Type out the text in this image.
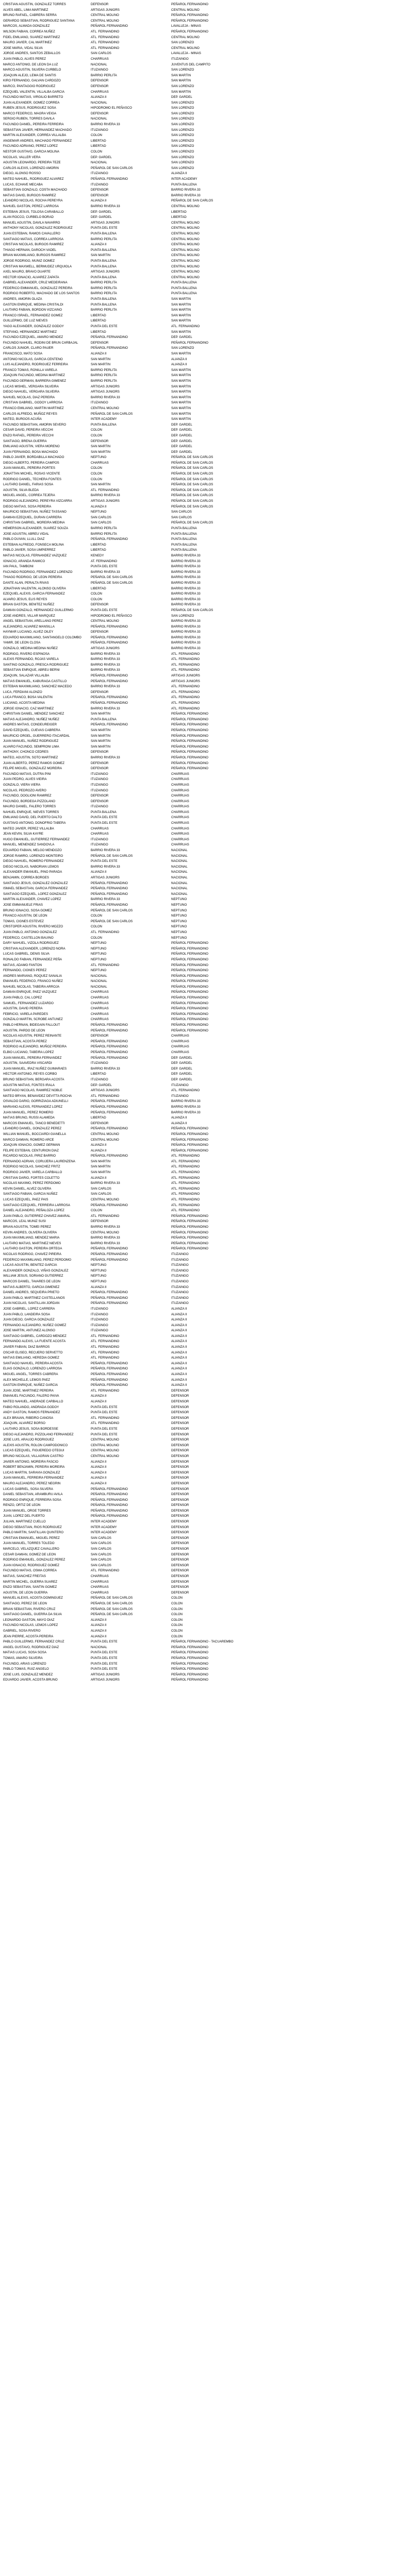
CRISTIAN AGUSTIN, GONZALEZ TORRES	DEFENSOR	PEÑAROL FERNANDINO
ALVES ABEL, LIMA MARTINEZ	ARTIGAS JUNIORS	CENTRAL MOLINO
BRUNO RAFAEL, CABRERA SERRA	CENTRAL MOLINO	PEÑAROL FERNANDINO
GERARDO SEBASTIAN, RODRIGUEZ SANTANA	CENTRAL MOLINO	PEÑAROL FERNANDINO
MARCOS, ALMADA GONZALEZ	PEÑAROL FERNANDINO	LAVALLEJA - MINAS
WILSON FABIAN, CORREA NUÑEZ	ATL. FERNANDINO	PEÑAROL FERNANDINO
FIDEL EMILIANO, SUAREZ MARTINEZ	ATL. FERNANDINO	CENTRAL MOLINO
MAURO JAVIER, CAL MARTINEZ	ATL. FERNANDINO	SAN LORENZO
JOSE MARIA, VIDAL SILVA	ATL. FERNANDINO	CENTRAL MOLINO
JORGE ANDRES, SANTOS ZEBALLOS	SAN CARLOS	LAVALLEJA - MINAS
JUAN PABLO, ALVES PEREZ	CHARRUAS	ITUZAINGO
MARCO ANTONIO, DE LEON DA LUZ	NACIONAL	JUVENTUS DEL CAMPITO
MARCO AGUSTIN, SILVERA CURBELO	ITUZAINGO	SAN LORENZO
JOAQUIN ALEJO, LEMA DE SANTIS	BARRIO PERLITA	SAN MARTIN
KIRO FERNANDO, GALVAN CARDOZO	DEFENSOR	SAN MARTIN
MARCO, PANTAGGIO RODRIGUEZ	DEFENSOR	SAN LORENZO
EZEQUIEL VALENTIN, VILLALBA GARCIA	CHARRUAS	SAN MARTIN
FACUNDO MATIAS, VIRGILIO BARRETO	ALIANZA II	DEP. GARDEL
JUAN ALEXANDER, GOMEZ CORREA	NACIONAL	SAN LORENZO
RUBEN JESUS, RODRIGUEZ SOSA	HIPODROMO EL PEÑASCO	SAN LORENZO
MARCO FEDERICO, MAGRA VEIGA	DEFENSOR	SAN LORENZO
SERGIO RUBEN, TORRES DAVILA	NACIONAL	SAN LORENZO
FACUNDO DANIEL, PEREIRA FERREIRA	BARRIO RIVERA 33	SAN LORENZO
SEBASTIAN JAVIER, HERNANDEZ MACHADO	ITUZAINGO	SAN LORENZO
MARTIN ALEXANDER, CORREA VILLALBA	COLON	SAN LORENZO
ANGEMAR ANDRES, MACHADO FERNANDEZ	LIBERTAD	SAN LORENZO
FACUNDO ADRIANO, PEREZ LOPEZ	LIBERTAD	SAN LORENZO
NESTOR GUSTAVO, GARCIA MOLINA	COLON	SAN LORENZO
NICOLAS, VALLER VERA	DEP. GARDEL	SAN LORENZO
AGUSTIN LEONARDO, PEREIRA TEZE	NACIONAL	SAN LORENZO
CARLOS ALEXIS, LORENZO AMORIN	PEÑAROL DE SAN CARLOS	SAN LORENZO
DIEGO, ALONSO ROSSO	ITUZAINGO	ALIANZA II
MATEO NAHUEL, RODRIGUEZ ALVAREZ	PEÑAROL FERNANDINO	INTER ACADEMY
LUCAS, ECHAVE MECABA	ITUZAINGO	PUNTA BALLENA
SEBASTIAN GONZALO, COSTA MACHADO	DEFENSOR	BARRIO RIVERA 33
MATIAS DAVID, BURGOS RAMIREZ	DEFENSOR	BARRIO RIVERA 33
LEANDRO NICOLAS, ROCHA PEREYRA	ALIANZA II	PEÑAROL DE SAN CARLOS
NAHUEL GASTON, PEREZ LARROSA	BARRIO RIVERA 33	CENTRAL MOLINO
ESTEBAN JESUS, TOLOSA CARABALLO	DEP. GARDEL	LIBERTAD
ALAN ROCCO, CURBELO BORAD	DEP. GARDEL	LIBERTAD
MANUEL AGUSTIN, DAVILA NAVARRO	ARTIGAS JUNIORS	CENTRAL MOLINO
ANTHONY NICOLAS, GONZALEZ RODRIGUEZ	PUNTA DEL ESTE	CENTRAL MOLINO
JUAN ESTEBAN, RAMOS CAVALLERO	PUNTA BALLENA	CENTRAL MOLINO
SANTIAGO MATIAS, CORREA LARROSA	BARRIO PERLITA	CENTRAL MOLINO
CRISTIAN NICOLAS, BURGOS RAMIREZ	ALIANZA II	CENTRAL MOLINO
THIAGO HERNAN, DAROCH VADEL	PUNTA BALLENA	CENTRAL MOLINO
BRIAN MAXIMILIANO, BURGOS RAMIREZ	SAN MARTIN	CENTRAL MOLINO
JORGE RODRIGO, MUNIZ GOMEZ	PUNTA BALLENA	CENTRAL MOLINO
CRISTIAN MAXWELL, BERMUDEZ URQUIOLA	PUNTA BALLENA	CENTRAL MOLINO
AXEL MAURO, BRAVO DUARTE	ARTIGAS JUNIORS	CENTRAL MOLINO
HECTOR IGNACIO, ALVAREZ ZAPATA	PUNTA BALLENA	CENTRAL MOLINO
GABRIEL ALEXANDER, CRUZ MEDEIRANA	BARRIO PERLITA	PUNTA BALLENA
FEDERICO EMMANUEL, GONZALEZ PEREIRA	BARRIO PERLITA	PUNTA BALLENA
RODRIGO ROBERTO, MACHADO DE LOS SANTOS	BARRIO PERLITA	PUNTA BALLENA
ANDRES, AMORIN OLAZA	PUNTA BALLENA	SAN MARTIN
GASTON ENRIQUE, MEDINA CRISTALDI	PUNTA BALLENA	SAN MARTIN
LAUTARO FABIAN, BORDON VIZCAINO	BARRIO PERLITA	SAN MARTIN
FRANCO ISRAEL, FERNANDEZ GOMEZ	LIBERTAD	SAN MARTIN
GUILLERMO, DE LUZ NIEVES	LIBERTAD	SAN MARTIN
YAGO ALEXANDER, GONZALEZ GODOY	PUNTA DEL ESTE	ATL. FERNANDINO
STEFANO, HERNANDEZ MARTINEZ	LIBERTAD	SAN MARTIN
FACUNDO EZEQUIEL, AMARO MENDEZ	PEÑAROL FERNANDINO	DEP. GARDEL
FACUNDO NAHUEL, RODINI DE BRUN CARBAJAL	DEFENSOR	PEÑAROL FERNANDINO
CARLOS JUNIOR, CLARO PAUER	PEÑAROL FERNANDINO	SAN LORENZO
FRANCISCO, MATO SOSA	ALIANZA II	SAN MARTIN
ANTONIO NICOLAS, GARCIA CENTENO	SAN MARTIN	ALIANZA II
LUIS ALEJANDRO, RODRIGUEZ FERREIRA	SAN MARTIN	ALIANZA II
FRANCO TOMAS, RONILLA VARELA	BARRIO PERLITA	SAN MARTIN
JOAQUIN FACUNDO, MEDINA MARTINEZ	BARRIO PERLITA	SAN MARTIN
FACUNDO GERMAN, BARRERA GIMENEZ	BARRIO PERLITA	SAN MARTIN
LUCAS MISHEL, VERGARA SILVEIRA	ARTIGAS JUNIORS	SAN MARTIN
DIEGO NAHUEL, VERGARA SILVEIRA	ARTIGAS JUNIORS	SAN MARTIN
NAHUEL NICOLAS, DIAZ PEREIRA	BARRIO RIVERA 33	SAN MARTIN
CRISTIAN GABRIEL, GODOY LARROSA	ITUZAINGO	SAN MARTIN
FRANCO EMILIANO, MARTIN MARTINEZ	CENTRAL MOLINO	SAN MARTIN
CARLOS ALFREDO, MUÑOZ REYES	PEÑAROL DE SAN CARLOS	SAN MARTIN
MATEO, BURGOS ACUÑA	INTER ACADEMY	SAN MARTIN
FACUNDO SEBASTIAN, AMORIN SEVERO	PUNTA BALLENA	DEP. GARDEL
CESAR DAVID, PEREIRA VECCHI	COLON	DEP. GARDEL
ENZO RAFAEL, PEREIRA VECCHI	COLON	DEP. GARDEL
SANTIAGO, BRENA GUERRA	DEFENSOR	DEP. GARDEL
EMILIANO AGUSTIN, VIERA MORENO	SAN MARTIN	DEP. GARDEL
JUAN FERNANDO, BOSA MACHADO	SAN MARTIN	DEP. GARDEL
PABLO JAVIER, BORDABILLA MACHADO	NEPTUNO	PEÑAROL DE SAN CARLOS
DIEGO ALBERTO, PEREIRA CAMPOS	CHARRUAS	PEÑAROL DE SAN CARLOS
JUAN MANUEL, PEREIRA PORTES	COLON	PEÑAROL DE SAN CARLOS
JONATTAN MICHEL, ROSAS VICENTE	COLON	PEÑAROL DE SAN CARLOS
RODRIGO DANIEL, TECHERA FONTES	COLON	PEÑAROL DE SAN CARLOS
LAUTARO DANIEL, FARIAS SOSA	SAN MARTIN	PEÑAROL DE SAN CARLOS
AGUSTIN, SILVA BLEDA	ATL. FERNANDINO	PEÑAROL DE SAN CARLOS
MIGUEL ANGEL, CORREA TEJERA	BARRIO RIVERA 33	PEÑAROL DE SAN CARLOS
RODRIGO ALEJANDRO, PEREYRA VIZCARRA	ARTIGAS JUNIORS	PEÑAROL DE SAN CARLOS
DIEGO MATIAS, SOSA PEREIRA	ALIANZA II	PEÑAROL DE SAN CARLOS
MAURICIO SEBASTIAN, NUÑEZ TASSANO	NEPTUNO	SAN CARLOS
DAMIAN EZEQUIEL, DURAN CARRERA	SAN CARLOS	SAN CARLOS
CHRISTIAN GABRIEL, MOREIRA MEDINA	SAN CARLOS	PEÑAROL DE SAN CARLOS
HEMERSON ALEXANDER, SUAREZ SOUZA	BARRIO PERLITA	PUNTA BALLENA
JOSE AGUSTIN, ABREU VIDAL	BARRIO PERLITA	PUNTA BALLENA
PABLO DUVAN, LLULL DIAZ	PEÑAROL FERNANDINO	PUNTA BALLENA
ESTEBAN ALFREDO, FONSECA MOLINA	LIBERTAD	PUNTA BALLENA
PABLO JAVIER, SOSA UMPIERREZ	LIBERTAD	PUNTA BALLENA
MATIAS NICOLAS, FERNANDEZ VAZQUEZ	KENEDY	BARRIO RIVERA 33
IGNACIO, ARANDA RAMICO	AT. FERNANDINO	BARRIO RIVERA 33
IAN PAUL, TAMBONI	PUNTA DEL ESTE	BARRIO RIVERA 33
FACUNDO RODRIGO, FERNANDEZ LORENZO	BARRIO RIVERA 33	BARRIO RIVERA 33
THIAGO RODRIGO, DE LEON PEREIRA	PEÑAROL DE SAN CARLOS	BARRIO RIVERA 33
DANTE ALAN, PERALTA RIVAS	PEÑAROL DE SAN CARLOS	BARRIO RIVERA 33
JONATHAN VALENTIN, ALONSO OLIVERA	LIBERTAD	BARRIO RIVERA 33
EZEQUIEL ALEXIS, GARCIA FERNANDEZ	COLON	BARRIO RIVERA 33
ALVARO JESUS, ELIS REYES	COLON	BARRIO RIVERA 33
BRIAN GASTON, BENITEZ NUÑEZ	DEFENSOR	BARRIO RIVERA 33
DAMIAN GONZALO, HERNANDEZ GUILLERMO	PUNTA DEL ESTE	PEÑAROL DE SAN CARLOS
JOSE ANDRES, VILLAR MARQUEZ	HIPODROMO EL PEÑASCO	SAN LORENZO
ANGEL SEBASTIAN, ARELLANO PEREZ	CENTRAL MOLINO	BARRIO RIVERA 33
ALEJANDRO, ALVAREZ MANSILLA	PEÑAROL FERNANDINO	BARRIO RIVERA 33
HAYMAR LUCIANO, ALVEZ OILEY	DEFENSOR	BARRIO RIVERA 33
EDUARDO MAXIMILIANO, SANTANGELO COLOMBO	PEÑAROL FERNANDINO	BARRIO RIVERA 33
YAMIR, DE LEON CLOSA	PEÑAROL FERNANDINO	BARRIO RIVERA 33
GONZALO, MEDINA MEDINA NUÑEZ	ARTIGAS JUNIORS	BARRIO RIVERA 33
RODRIGO, RIVERO ESPINOSA	BARRIO RIVERA 33	ATL. FERNANDINO
ALEXIS FERNANDO, ROJAS VARELA	BARRIO RIVERA 33	ATL. FERNANDINO
SANTINO GONZALO, PRESCA RODRIGUEZ	BARRIO RIVERA 33	ATL. FERNANDINO
SEBASTIAN ENRIQUE, ABREU BERNI	BARRIO RIVERA 33	ATL. FERNANDINO
JOAQUIN, SALAZAR VILLALBA	PEÑAROL FERNANDINO	ARTIGAS JUNIORS
MATIAS EMANUEL, KABURAGA CASTILLO	PEÑAROL FERNANDINO	ARTIGAS JUNIORS
ESTEBAN MAXIMILIANO, SANCHEZ MACEDO	BARRIO RIVERA 33	ATL. FERNANDINO
LUCA, FERDIANI ALONZO	DEFENSOR	ATL. FERNANDINO
LUCA FRANCO, BOSA VALENTIN	PEÑAROL FERNANDINO	ATL. FERNANDINO
LUCIANO, ACOSTA MEDINA	PEÑAROL FERNANDINO	ATL. FERNANDINO
JORGE IGNACIO, CAZ MARTINEZ	BARRIO RIVERA 33	ATL. FERNANDINO
CHRISTIAN DANIEL, MENDEZ SANCHEZ	SAN MARTIN	PEÑAROL FERNANDINO
MATIAS ALEJANDRO, NUÑEZ NUÑEZ	PUNTA BALLENA	PEÑAROL FERNANDINO
ANDRES MATIAS, CONDEUREIGER	PEÑAROL FERNANDINO	PEÑAROL FERNANDINO
DAVID EZEQUIEL, CUEVAS CABRERA	SAN MARTIN	PEÑAROL FERNANDINO
MAURICIO ORGEL, GUERRERO ITACARDAL	SAN MARTIN	PEÑAROL FERNANDINO
JUAN MANUEL, NUÑEZ RODRIGUEZ	SAN MARTIN	PEÑAROL FERNANDINO
ALVARO FACUNDO, SEMPRONI LIMA	SAN MARTIN	PEÑAROL FERNANDINO
ANTHONY, CHONCO CEDRES	DEFENSOR	PEÑAROL FERNANDINO
MATEO, AGUSTIN, SOTO MARTINEZ	BARRIO RIVERA 33	PEÑAROL FERNANDINO
JUAN ALBERTO, PEREZ RAMOS GOMEZ	DEFENSOR	PEÑAROL FERNANDINO
FELIPE MIGUEL, GONZALEZ MOREIRA	DEFENSOR	PEÑAROL FERNANDINO
FACUNDO MATIAS, DUTRA PINI	ITUZAINGO	CHARRUAS
JUAN PEDRO, ALVES VIEIRA	ITUZAINGO	CHARRUAS
GONZALO, VIERA VIERA	ITUZAINGO	CHARRUAS
NICOLAS, PEDROZO AVERO	ITUZAINGO	CHARRUAS
FACUNDO, DOGLIONI RAMIREZ	DEFENSOR	CHARRUAS
FACUNDO, BORDEGA PIZZOLANO	DEFENSOR	CHARRUAS
MAURO DANIEL, FALERO TORRES	ITUZAINGO	CHARRUAS
NAHUEL ENRIQUE, NIEVES TORRES	PUNTA BALLENA	CHARRUAS
EMILIANO DAVID, DEL PUERTO DALTO	PUNTA DEL ESTE	CHARRUAS
GUSTAVO ANTONIO, DONOFRIO TABERA	PUNTA DEL ESTE	CHARRUAS
MATEO JAVIER, PEREZ VILLALBA	CHARRUAS	CHARRUAS
JEAN KEVIN, SILVA KAYRE	CHARRUAS	CHARRUAS
HUGO EMANUEL, GUTIERREZ FERNANDEZ	ITUZAINGO	CHARRUAS
MANUEL, MENENDEZ SANDOVLA	ITUZAINGO	CHARRUAS
EDUARDO FABIAN, MELGO MENDOZO	BARRIO RIVERA 33	NACIONAL
JORGE RAMIRO, LORENZO MONTEIRO	PEÑAROL DE SAN CARLOS	NACIONAL
DIEGO NAHUEL, ROMERO FERNANDEZ	PUNTA DEL ESTE	NACIONAL
DIEGO NICOLAS, NABORIAN LEMOS	BARRIO RIVERA 33	NACIONAL
ALEXANDER EMANUEL, PINO PARADA	ALIANZA II	NACIONAL
BENJAMIN, CORREA BORGES	ARTIGAS JUNIORS	NACIONAL
SANTIAGO JESUS, GONZALEZ GONZALEZ	PEÑAROL FERNANDINO	NACIONAL
ISMAEL SEBASTIAN, GARCIA FERNANDEZ	PEÑAROL FERNANDINO	NACIONAL
SANTIAGO EZEQUIEL, LOPEZ GONZALEZ	PEÑAROL FERNANDINO	NACIONAL
MARTIN ALEXANDER, CHAVEZ LOPEZ	BARRIO RIVERA 33	NEPTUNO
JOSE EMMANUELE FRIAS	PEÑAROL FERNANDINO	NEPTUNO
BRUNO IGNACIO, SOSA GOMEZ	PEÑAROL DE SAN CARLOS	NEPTUNO
FRANCO AGUSTIN, DE LEON	COLON	NEPTUNO
TOMAS, CIGNES ESTEVEZ	PEÑAROL DE SAN CARLOS	NEPTUNO
CRISTOPER AGUSTIN, RIVERO MOZZO	COLON	NEPTUNO
JUAN PABLO, ANTONIO GONZALEZ	ATL. FERNANDINO	NEPTUNO
FEDERICO, CASTELLON BAUINO	COLON	NEPTUNO
DARY NAHUEL, VIZOLA RODRIGUEZ	NEPTUNO	PEÑAROL FERNANDINO
CRISTIAN ALEXANDER, LORENZO NORA	NEPTUNO	PEÑAROL FERNANDINO
LUCAS GABRIEL, DENIS SILVA	NEPTUNO	PEÑAROL FERNANDINO
RONALDO FABIAN, FERNANDEZ PEÑA	NEPTUNO	PEÑAROL FERNANDINO
MATIAS, ADAMO FANTON	ATL. FERNANDINO	PEÑAROL FERNANDINO
FERNANDO, CIGNES PEREZ	NEPTUNO	PEÑAROL FERNANDINO
ANDRES MARIANO, ROQUEZ SANALIA	NACIONAL	PEÑAROL FERNANDINO
EMANUEL FEDERICO, FRANCO NUÑEZ	NACIONAL	PEÑAROL FERNANDINO
NAHUEL NICOLAS, TABEIRA ARROJA	NACIONAL	PEÑAROL FERNANDINO
DAMIAN ENRIQUE, PAEZ VAZQUEZ	CHARRUAS	PEÑAROL FERNANDINO
JUAN PABLO, CAL LOPEZ	CHARRUAS	PEÑAROL FERNANDINO
SAMUEL, FERNANDEZ LUZARDO	CHARRUAS	PEÑAROL FERNANDINO
AGUSTIN, DAVID PERERA	CHARRUAS	PEÑAROL FERNANDINO
FEBRICIO, VARELA PAREDES	CHARRUAS	PEÑAROL FERNANDINO
GONZALO MARTIN, SCROBE ANTUNEZ	CHARRUAS	PEÑAROL FERNANDINO
PABLO HERNAN, BIDEGAIN FALLOUT	PEÑAROL FERNANDINO	PEÑAROL FERNANDINO
AGUSTIN, PARDO DE LEON	PEÑAROL FERNANDINO	PEÑAROL FERNANDINO
NICOLAS AGUSTIN, PEREZ REINANTE	DEFENSOR	CHARRUAS
SEBASTIAN, ACOSTA PEREZ	PEÑAROL FERNANDINO	CHARRUAS
RODRIGO ALEJANDRO, MUÑOZ PEREIRA	PEÑAROL FERNANDINO	CHARRUAS
ELBIO LUCIANO, TABEIRA LOPEZ	PEÑAROL FERNANDINO	CHARRUAS
JUAN MANUEL, PEREIRA FERNANDEZ	PEÑAROL FERNANDINO	DEP. GARDEL
AGUSTIN, SAAVEDRA VISCARDI	ITUZAINGO	DEP. GARDEL
JUAN MANUEL, IRAZ NUÑEZ GUIMARAES	BARRIO RIVERA 33	DEP. GARDEL
HECTOR ANTONIO, REYES CORBO	LIBERTAD	DEP. GARDEL
BRUNO SEBASTIAN, BERGARA ACOSTA	ITUZAINGO	DEP. GARDEL
AGUSTIN MATIAS, FONTES IRALA	DEP. GARDEL	ITUZAINGO
SANTIAGO NICOLAS, RAMIREZ NOBLE	ARTIGAS JUNIORS	ATL. FERNANDINO
MATEO BRYAN, BENAVIDEZ DEVITTA ROCHA	ATL. FERNANDINO	ITUZAINGO
OSVALDO DARIO, GORRIZIAGA ADIUNELLI	PEÑAROL FERNANDINO	BARRIO RIVERA 33
MARIANO ALEXIS, FERNANDEZ LOPEZ	PEÑAROL FERNANDINO	BARRIO RIVERA 33
JUAN MANUEL, PEREZ ROMERO	PEÑAROL FERNANDINO	BARRIO RIVERA 33
MATIAS BRUNO, RUSSI ALAMEDA	LIBERTAD	ALIANZA II
MARCOS EMANUEL, TANCO BENEDETTI	DEFENSOR	ALIANZA II
LEANDRO DANIEL, GONZALEZ PEREZ	PEÑAROL FERNANDINO	PEÑAROL FERNANDINO
WILLIAN MANUEL, BOCCIARDI GIANELLA	CENTRAL MOLINO	PEÑAROL FERNANDINO
MARCO DAMIAN, ROMERO ARCE	CENTRAL MOLINO	PEÑAROL FERNANDINO
JOAQUIN IGNACIO, GOMEZ GERMAN	ALIANZA II	PEÑAROL FERNANDINO
FELIPE ESTEBAN, CENTURION DIAZ	ALIANZA II	PEÑAROL FERNANDINO
RICARDO NICOLAS, PIRIZ BARRIO	PEÑAROL FERNANDINO	ATL. FERNANDINO
FERNANDO ADRIAN, CORUJERA LAURENZENA	SAN MARTIN	ATL. FERNANDINO
RODRIGO NICOLAS, SANCHEZ FRITZ	SAN MARTIN	ATL. FERNANDINO
RODRIGO JAVIER, VARELA CARBALLO	SAN MARTIN	ATL. FERNANDINO
CRISTIAN DARIO, FORTES COLETTO	ALIANZA II	ATL. FERNANDINO
NICOLAS MAXIMO, PEREZ PERDOMO	BARRIO RIVERA 33	ATL. FERNANDINO
KEVIN DANIEL, ALVEZ OLIVERA	SAN CARLOS	ATL. FERNANDINO
SANTIAGO FABIAN, GARCIA NUÑEZ	SAN CARLOS	ATL. FERNANDINO
LUCAS EZEQUIEL, PAEZ PAIS	CENTRAL MOLINO	ATL. FERNANDINO
SANTIAGO EZEQUIEL, FERREIRA LARROSA	PEÑAROL FERNANDINO	ATL. FERNANDINO
DANIEL ALEJANDRO, PEÑALOZA LOPEZ	COLON	ATL. FERNANDINO
JUAN PABLO, GUTIERREZ CHAVEZ AMARAL	ATL. FERNANDINO	PEÑAROL FERNANDINO
MARCOS, LEAL MUNIZ SUSI	DEFENSOR	PEÑAROL FERNANDINO
BRIAN AGUSTIN, TOMEI PEREZ	BARRIO RIVERA 33	PEÑAROL FERNANDINO
KEVIN ANDRES, OLIVERA OLIVERA	CENTRAL MOLINO	PEÑAROL FERNANDINO
JUAN MAXIMILIANO, MENDEZ MARIA	BARRIO RIVERA 33	PEÑAROL FERNANDINO
LAUTARO MATIAS, MARTINEZ NIEVES	BARRIO RIVERA 33	PEÑAROL FERNANDINO
LAUTARO GASTON, PEREIRA ORTEGA	PEÑAROL FERNANDINO	PEÑAROL FERNANDINO
NICOLAS RODRIGO, CHAVEZ PIREIRA	PEÑAROL FERNANDINO	ITUZAINGO
FEDERICO MAXIMILIANO, PEREZ PERDOMO	PEÑAROL FERNANDINO	ITUZAINGO
LUCAS AGUSTIN, BENITEZ GARCIA	NEPTUNO	ITUZAINGO
ALEXANDER GONZALO, VIÑAS GONZALEZ	NEPTUNO	ITUZAINGO
WILLIAM JESUS, SORIANO GUTIERREZ	NEPTUNO	ITUZAINGO
MARCOS DANIEL, TAVARES DE LEON	NEPTUNO	ITUZAINGO
MATIAS ALBERTO, GARCIA GIMENEZ	ALIANZA II	ITUZAINGO
DANIEL ANDRES, SEQUEIRA PRIETO	PEÑAROL FERNANDINO	ITUZAINGO
JUAN PABLO, MARTINEZ CASTELLANOS	PEÑAROL FERNANDINO	ITUZAINGO
JUAN NICOLAS, SANTILLAN JORDAN	PEÑAROL FERNANDINO	ITUZAINGO
JOSE GABRIEL, LOPEZ CARRERA	ITUZAINGO	ALIANZA II
JUAN PABLO, LANDEIRA SOSA	ITUZAINGO	ALIANZA II
JUAN DIEGO, GARCIA GONZALEZ	ITUZAINGO	ALIANZA II
FERNANDO ALEJANDRO, NUÑEZ GOMEZ	ITUZAINGO	ALIANZA II
JOSE MARTIN, ANTUNEZ ALONSO	ITUZAINGO	ALIANZA II
SANTIAGO GABRIEL, CARDOZO MENDEZ	ATL. FERNANDINO	ALIANZA II
FERNANDO ALEXIS, LA FUENTE ACOSTA	ATL. FERNANDINO	ALIANZA II
JAVIER FABIAN, DIAZ BARROS	ATL. FERNANDINO	ALIANZA II
OSCAR ELISEO, RECUERO SERVETTO	ATL. FERNANDINO	ALIANZA II
MATIAS EMILIANO, HEREDIA GOMEZ	ATL. FERNANDINO	ALIANZA II
SANTIAGO NAHUEL, PEREIRA ACOSTA	PEÑAROL FERNANDINO	ALIANZA II
ELIAS GONZALO, LORENZO LARROSA	PEÑAROL FERNANDINO	ALIANZA II
MIGUEL ANGEL, TORRES CABRERA	PEÑAROL FERNANDINO	ALIANZA II
ALEX MICHELLE, LEMOS PAEZ	PEÑAROL FERNANDINO	ALIANZA II
GASTON ENRIQUE, NUÑEZ GARCIA	PEÑAROL FERNANDINO	ALIANZA II
JUAN JOSE, MARTINEZ PEREIRA	ATL. FERNANDINO	DEFENSOR
EMANUEL FACUNDO, FALERO PAIVA	ALIANZA II	DEFENSOR
MATEO NAHUEL, ANDRADE CARBALLO	ALIANZA II	DEFENSOR
FABIO ROLANDO, ANDRADA GODOY	PUNTA DEL ESTE	DEFENSOR
ANDY GASTON, RAMOS FERNANDEZ	PUNTA DEL ESTE	DEFENSOR
ALEX BRAIAN, RIBEIRO CANOSA	ATL. FERNANDINO	DEFENSOR
JOAQUIN, ALVAREZ BORSO	ATL. FERNANDINO	DEFENSOR
LAUTARO JESUS, SOSA BORDESSE	PUNTA DEL ESTE	DEFENSOR
DIEGO ALEJANDRO, PIZZOLANO FERNANDEZ	PUNTA DEL ESTE	DEFENSOR
JOSE LUIS, ARAUJO RODRIGUEZ	CENTRAL MOLINO	DEFENSOR
ALEXIS AGUSTIN, ROLON CAMPODONICO	CENTRAL MOLINO	DEFENSOR
LUCAS EZEQUIEL, FIGUEREDO OTEGUI	CENTRAL MOLINO	DEFENSOR
BRUNO NICOLAS, VILLAGRAN CASTRO	CENTRAL MOLINO	DEFENSOR
JAVIER ANTONIO, MOREIRA FASCIO	ALIANZA II	DEFENSOR
ROBERT BENJAMIN, PEREIRA MOREIRA	ALIANZA II	DEFENSOR
LUCAS MARTIN, SARAVIA GONZALEZ	ALIANZA II	DEFENSOR
JUAN MANUEL, FERREIRA FERNANDEZ	ALIANZA II	DEFENSOR
MAURO ALEJANDRO, PEREZ NEGRIN	ALIANZA II	DEFENSOR
LUCAS GABRIEL, SOSA SILVERA	PEÑAROL FERNANDINO	DEFENSOR
DANIEL SEBASTIAN, ARAMBURU AVILA	PEÑAROL FERNANDINO	DEFENSOR
RODRIGO ENRIQUE, FERREIRA SOSA	PEÑAROL FERNANDINO	DEFENSOR
RENZO, ORTIZ DE LEON	PEÑAROL FERNANDINO	DEFENSOR
JUAN MANUEL, ORGE TORRES	PEÑAROL FERNANDINO	DEFENSOR
JUAN, LOPEZ DEL PUERTO	PEÑAROL FERNANDINO	DEFENSOR
JULIAN, MARTINEZ CUELLO	INTER ACADEMY	DEFENSOR
DIEGO SEBASTIAN, RIOS RODRIGUEZ	INTER ACADEMY	DEFENSOR
PABLO MARTIN, SANTILLAN QUINTERO	INTER ACADEMY	DEFENSOR
CRISTIAN EMANUEL, MIGUEL PEREZ	SAN CARLOS	DEFENSOR
JUAN MANUEL, TORRES TOLEDO	SAN CARLOS	DEFENSOR
MARCELO, VELAZQUEZ CAVALLERO	SAN CARLOS	DEFENSOR
CESAR DAMIAN, GOMEZ DE LEON	SAN CARLOS	DEFENSOR
RODRIGO EMANUEL, GONZALEZ PEREZ	SAN CARLOS	DEFENSOR
JUAN IGNACIO, RODRIGUEZ GOMEZ	SAN CARLOS	DEFENSOR
FACUNDO MATIAS, OSMA CORREA	ATL. FERNANDINO	DEFENSOR
MATIAS, SANCHEZ FREITAS	CHARRUAS	DEFENSOR
MARTIN MICHEL, GUERRA SUAREZ	CHARRUAS	DEFENSOR
ENZO SEBASTIAN, SANTIN GOMEZ	CHARRUAS	DEFENSOR
AGUSTIN, DE LEON GUERRA	CHARRUAS	DEFENSOR
MANUEL ALEXIS, ACOSTA DOMINGUEZ	PEÑAROL DE SAN CARLOS	COLON
SANTIAGO, PEREZ DE LEON	PEÑAROL DE SAN CARLOS	COLON
BRIAN SEBASTIAN, RIVERO CRUZ	PEÑAROL DE SAN CARLOS	COLON
SANTIAGO DANIEL, GUERRA DA SILVA	PEÑAROL DE SAN CARLOS	COLON
LEONARDO GASTON, MAYO DIAZ	ALIANZA II	COLON
FACUNDO NICOLAS, LEMOS LOPEZ	ALIANZA II	COLON
GABRIEL, SOSA RIVERO	ALIANZA II	COLON
JEAN PIERRE, ACOSTA PEREIRA	ALIANZA II	COLON
PABLO GUILLERMO, FERNANDEZ CRUZ	PUNTA DEL ESTE	PEÑAROL FERNANDINO - TACUAREMBO
ANGEL GUSTAVO, RODRIGUEZ DIAZ	NACIONAL	PEÑAROL FERNANDINO
MATIAS LUCAS, SOSA SOSA	PUNTA DEL ESTE	PEÑAROL FERNANDINO
TOMAS, AMARO SILVEIRA	PUNTA DEL ESTE	PEÑAROL FERNANDINO
FACUNDO, ARIAS LORENZO	PUNTA DEL ESTE	PEÑAROL FERNANDINO
PABLO TOMAS, RUIZ ANGELO	PUNTA DEL ESTE	PEÑAROL FERNANDINO
JOSE LUIS, GONZALEZ MENDEZ	ARTIGAS JUNIORS	PEÑAROL FERNANDINO
EDUARDO JAVIER, ACOSTA BRUNO	ARTIGAS JUNIORS	PEÑAROL FERNANDINO
